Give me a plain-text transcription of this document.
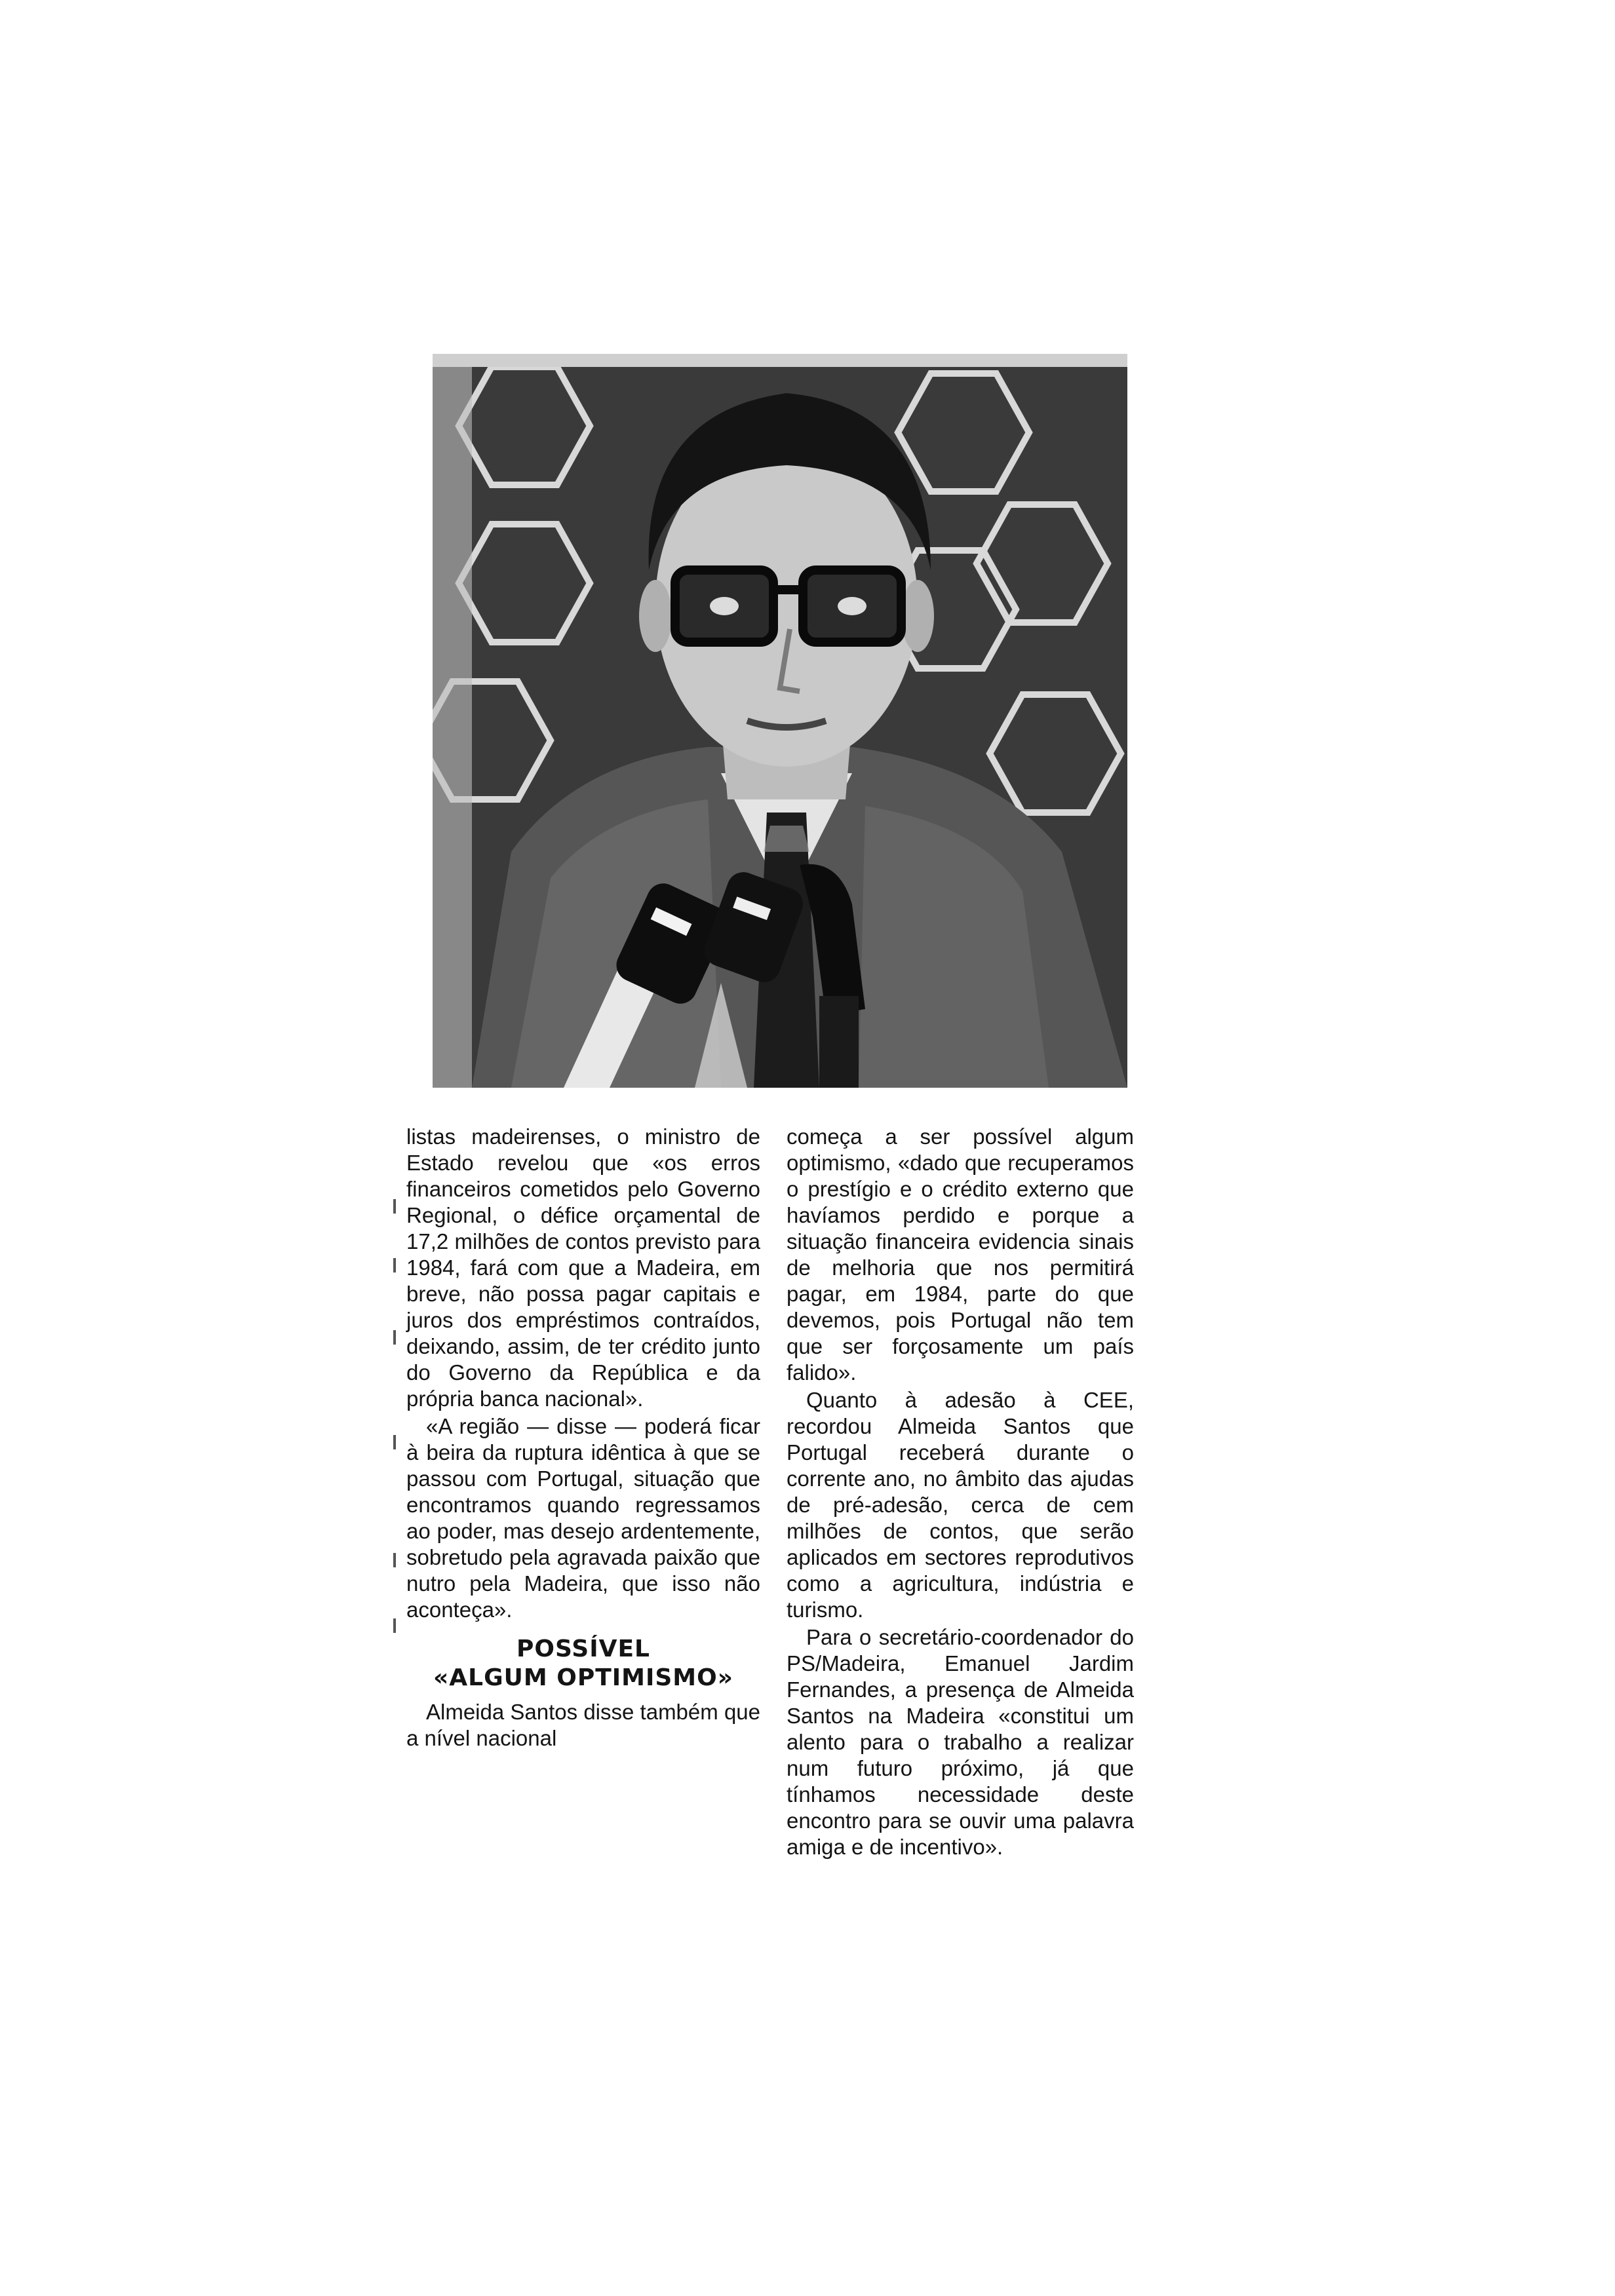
listas madeirenses, o ministro de Estado revelou que «os erros financeiros cometidos pelo Governo Regional, o défice orçamental de 17,2 milhões de contos previsto para 1984, fará com que a Madeira, em breve, não possa pagar capitais e juros dos empréstimos contraídos, deixando, assim, de ter crédito junto do Governo da República e da própria banca nacional».

«A região — disse — poderá ficar à beira da ruptura idêntica à que se passou com Portugal, situação que encontramos quando regressamos ao poder, mas desejo ardentemente, sobretudo pela agravada paixão que nutro pela Madeira, que isso não aconteça».

POSSÍVEL
«ALGUM OPTIMISMO»

Almeida Santos disse também que a nível nacional

começa a ser possível algum optimismo, «dado que recuperamos o prestígio e o crédito externo que havíamos perdido e porque a situação financeira evidencia sinais de melhoria que nos permitirá pagar, em 1984, parte do que devemos, pois Portugal não tem que ser forçosamente um país falido».

Quanto à adesão à CEE, recordou Almeida Santos que Portugal receberá durante o corrente ano, no âmbito das ajudas de pré-adesão, cerca de cem milhões de contos, que serão aplicados em sectores reprodutivos como a agricultura, indústria e turismo.

Para o secretário-coordenador do PS/Madeira, Emanuel Jardim Fernandes, a presença de Almeida Santos na Madeira «constitui um alento para o trabalho a realizar num futuro próximo, já que tínhamos necessidade deste encontro para se ouvir uma palavra amiga e de incentivo».
